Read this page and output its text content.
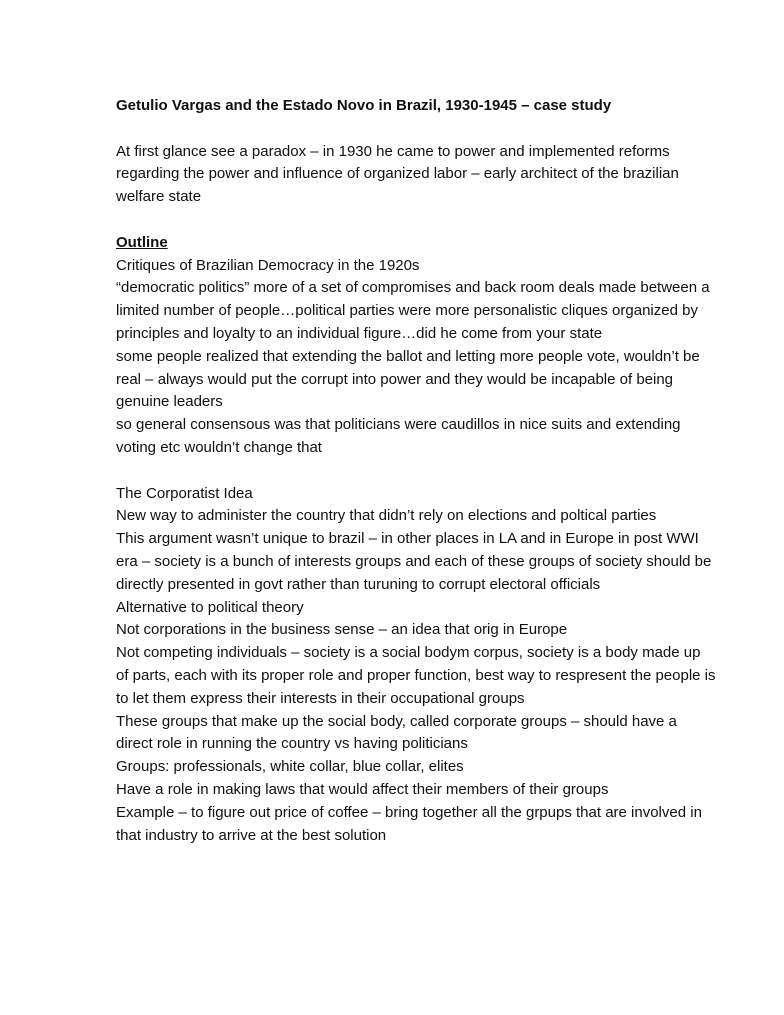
Getulio Vargas and the Estado Novo in Brazil, 1930-1945 – case study

At first glance see a paradox – in 1930 he came to power and implemented reforms regarding the power and influence of organized labor – early architect of the brazilian welfare state

Outline

Critiques of Brazilian Democracy in the 1920s

“democratic politics” more of a set of compromises and back room deals made between a limited number of people…political parties were more personalistic cliques organized by principles and loyalty to an individual figure…did he come from your state

some people realized that extending the ballot and letting more people vote, wouldn’t be real – always would put the corrupt into power and they would be incapable of being genuine leaders

so general consensous was that politicians were caudillos in nice suits and extending voting etc wouldn’t change that

The Corporatist Idea

New way to administer the country that didn’t rely on elections and poltical parties

This argument wasn’t unique to brazil – in other places in LA and in Europe in post WWI era – society is a bunch of interests groups and each of these groups of society should be directly presented in govt rather than turuning to corrupt electoral officials

Alternative to political theory

Not corporations in the business sense – an idea that orig in Europe

Not competing individuals – society is a social bodym corpus, society is a body made up of parts, each with its proper role and proper function, best way to respresent the people is to let them express their interests in their occupational groups

These groups that make up the social body, called corporate groups – should have a direct role in running the country vs having politicians

Groups: professionals, white collar, blue collar, elites

Have a role in making laws that would affect their members of their groups

Example – to figure out price of coffee – bring together all the grpups that are involved in that industry to arrive at the best solution
